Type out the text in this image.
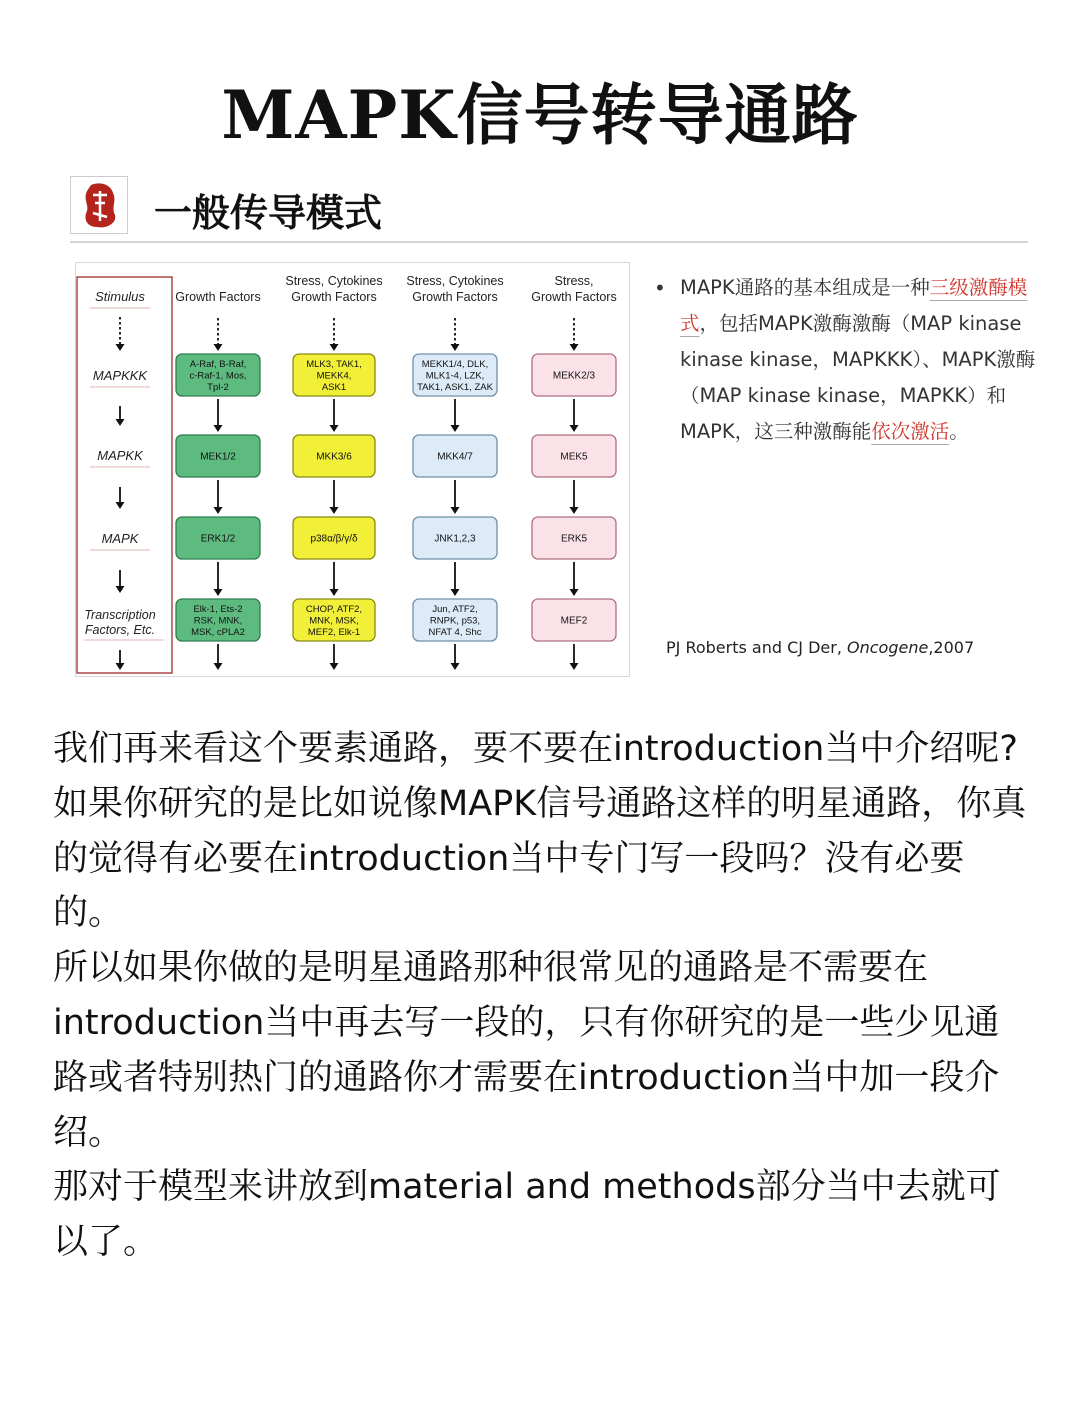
MAPK信号转导通路
一般传导模式
Stimulus
MAPKKK
MAPKK
MAPK
Transcription
Factors, Etc.
Growth Factors
A-Raf, B-Raf,
c-Raf-1, Mos,
Tpl-2
MEK1/2
ERK1/2
Elk-1, Ets-2
RSK, MNK,
MSK, cPLA2
Stress, Cytokines
Growth Factors
MLK3, TAK1,
MEKK4,
ASK1
MKK3/6
p38α/β/γ/δ
CHOP, ATF2,
MNK, MSK,
MEF2, Elk-1
Stress, Cytokines
Growth Factors
MEKK1/4, DLK,
MLK1-4, LZK,
TAK1, ASK1, ZAK
MKK4/7
JNK1,2,3
Jun, ATF2,
RNPK, p53,
NFAT 4, Shc
Stress,
Growth Factors
MEKK2/3
MEK5
ERK5
MEF2
• MAPK通路的基本组成是一种三级激酶模式，包括MAPK激酶激酶（MAP kinase kinase kinase，MAPKKK）、MAPK激酶（MAP kinase kinase，MAPKK）和MAPK，这三种激酶能依次激活。
PJ Roberts and CJ Der, Oncogene,2007

我们再来看这个要素通路，要不要在introduction当中介绍呢?

如果你研究的是比如说像MAPK信号通路这样的明星通路，你真的觉得有必要在introduction当中专门写一段吗？没有必要的。

所以如果你做的是明星通路那种很常见的通路是不需要在introduction当中再去写一段的，只有你研究的是一些少见通路或者特别热门的通路你才需要在introduction当中加一段介绍。

那对于模型来讲放到material and methods部分当中去就可以了。
